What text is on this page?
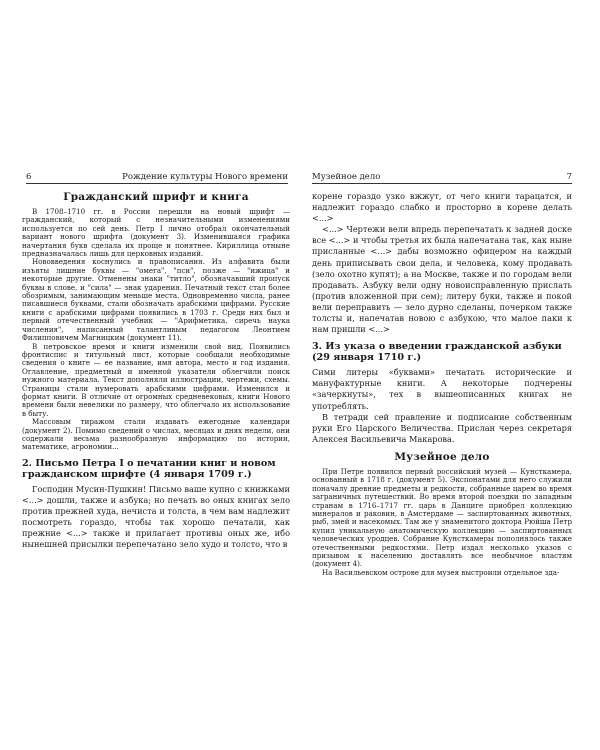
6	Рождение культуры Нового времени
Гражданский шрифт и книга

В 1708–1710 гг. в России перешли на новый шрифт — гражданский, который с незначительными изменениями используется по сей день. Петр I лично отобрал окончательный вариант нового шрифта (документ 3). Изменившаяся графика начертания букв сделала их проще и понятнее. Кириллица отныне предназначалась лишь для церковных изданий.

Нововведения коснулись и правописания. Из алфавита были изъяты лишние буквы — "омега", "пси", позже — "ижица" и некоторые другие. Отменены знаки "титло", обозначавший пропуск буквы в слове, и "сила" — знак ударения. Печатный текст стал более обозримым, занимающим меньше места. Одновременно числа, ранее писавшиеся буквами, стали обозначать арабскими цифрами. Русские книги с арабскими цифрами появились в 1703 г. Среди них был и первый отечественный учебник — "Арифметика, сиречь наука числения", написанный талантливым педагогом Леонтием Филипповичем Магницким (документ 11).

В петровское время и книги изменили свой вид. Появились фронтиспис и титульный лист, которые сообщали необходимые сведения о книге — ее название, имя автора, место и год издания. Оглавление, предметный и именной указатели облегчили поиск нужного материала. Текст дополняли иллюстрации, чертежи, схемы. Страницы стали нумеровать арабскими цифрами. Изменился и формат книги. В отличие от огромных средневековых, книги Нового времени были невелики по размеру, что облегчало их использование в быту.

Массовым тиражом стали издавать ежегодные календари (документ 2). Помимо сведений о числах, месяцах и днях недели, они содержали весьма разнообразную информацию по истории, математике, агрономии...

2. Письмо Петра I о печатании книг и новом гражданском шрифте (4 января 1709 г.)

Господин Мусин-Пушкин! Письмо ваше купно с книжками <...> дошли, также и азбука; но печать во оных книгах зело против прежней худа, нечиста и толста, в чем вам надлежит посмотреть гораздо, чтобы так хорошо печатали, как прежние <...> также и прилагает противы оных же, ибо нынешней присылки перепечатано зело худо и толсто, что в

Музейное дело	7

корене гораздо узко вжжут, от чего книги тарацатся, и надлежит гораздо слабко и просторно в корене делать <...>

<...> Чертежи вели впредь перепечатать к задней доске все <...> и чтобы третья их была напечатана так, как ныне присланные <...> дабы возможно офицером на каждый день приписывать свои дела, и человека, кому продавать (зело охотно купят); а на Москве, также и по городам вели продавать. Азбуку вели одну новоисправленную прислать (против вложенной при сем); литеру буки, также и покой вели переправить — зело дурно сделаны, почерком также толсты и, напечатав новою с азбукою, что малое паки к нам пришли <...>

3. Из указа о введении гражданской азбуки (29 января 1710 г.)

Сими литеры «буквами» печатать исторические и мануфактурные книги. А некоторые подчерены «зачеркнуты», тех в вышеописанных книгах не употреблять.

В тетради сей правление и подписание собственным руки Его Царского Величества. Прислан через секретаря Алексея Васильевича Макарова.

Музейное дело

При Петре появился первый российский музей — Кунсткамера, основанный в 1718 г. (документ 5). Экспонатами для него служили поначалу древние предметы и редкости, собранные царем во время заграничных путешествий. Во время второй поездки по западным странам в 1716–1717 гг. царь в Данциге приобрел коллекцию минералов и раковин, в Амстердаме — заспиртованных животных, рыб, змей и насекомых. Там же у знаменитого доктора Рюйша Петр купил уникальную анатомическую коллекцию — заспиртованных человеческих уродцев. Собрание Кунсткамеры пополнялось также отечественными редкостями. Петр издал несколько указов с призывом к населению доставлять все необычное властям (документ 4).

На Васильевском острове для музея выстроили отдельное зда-
